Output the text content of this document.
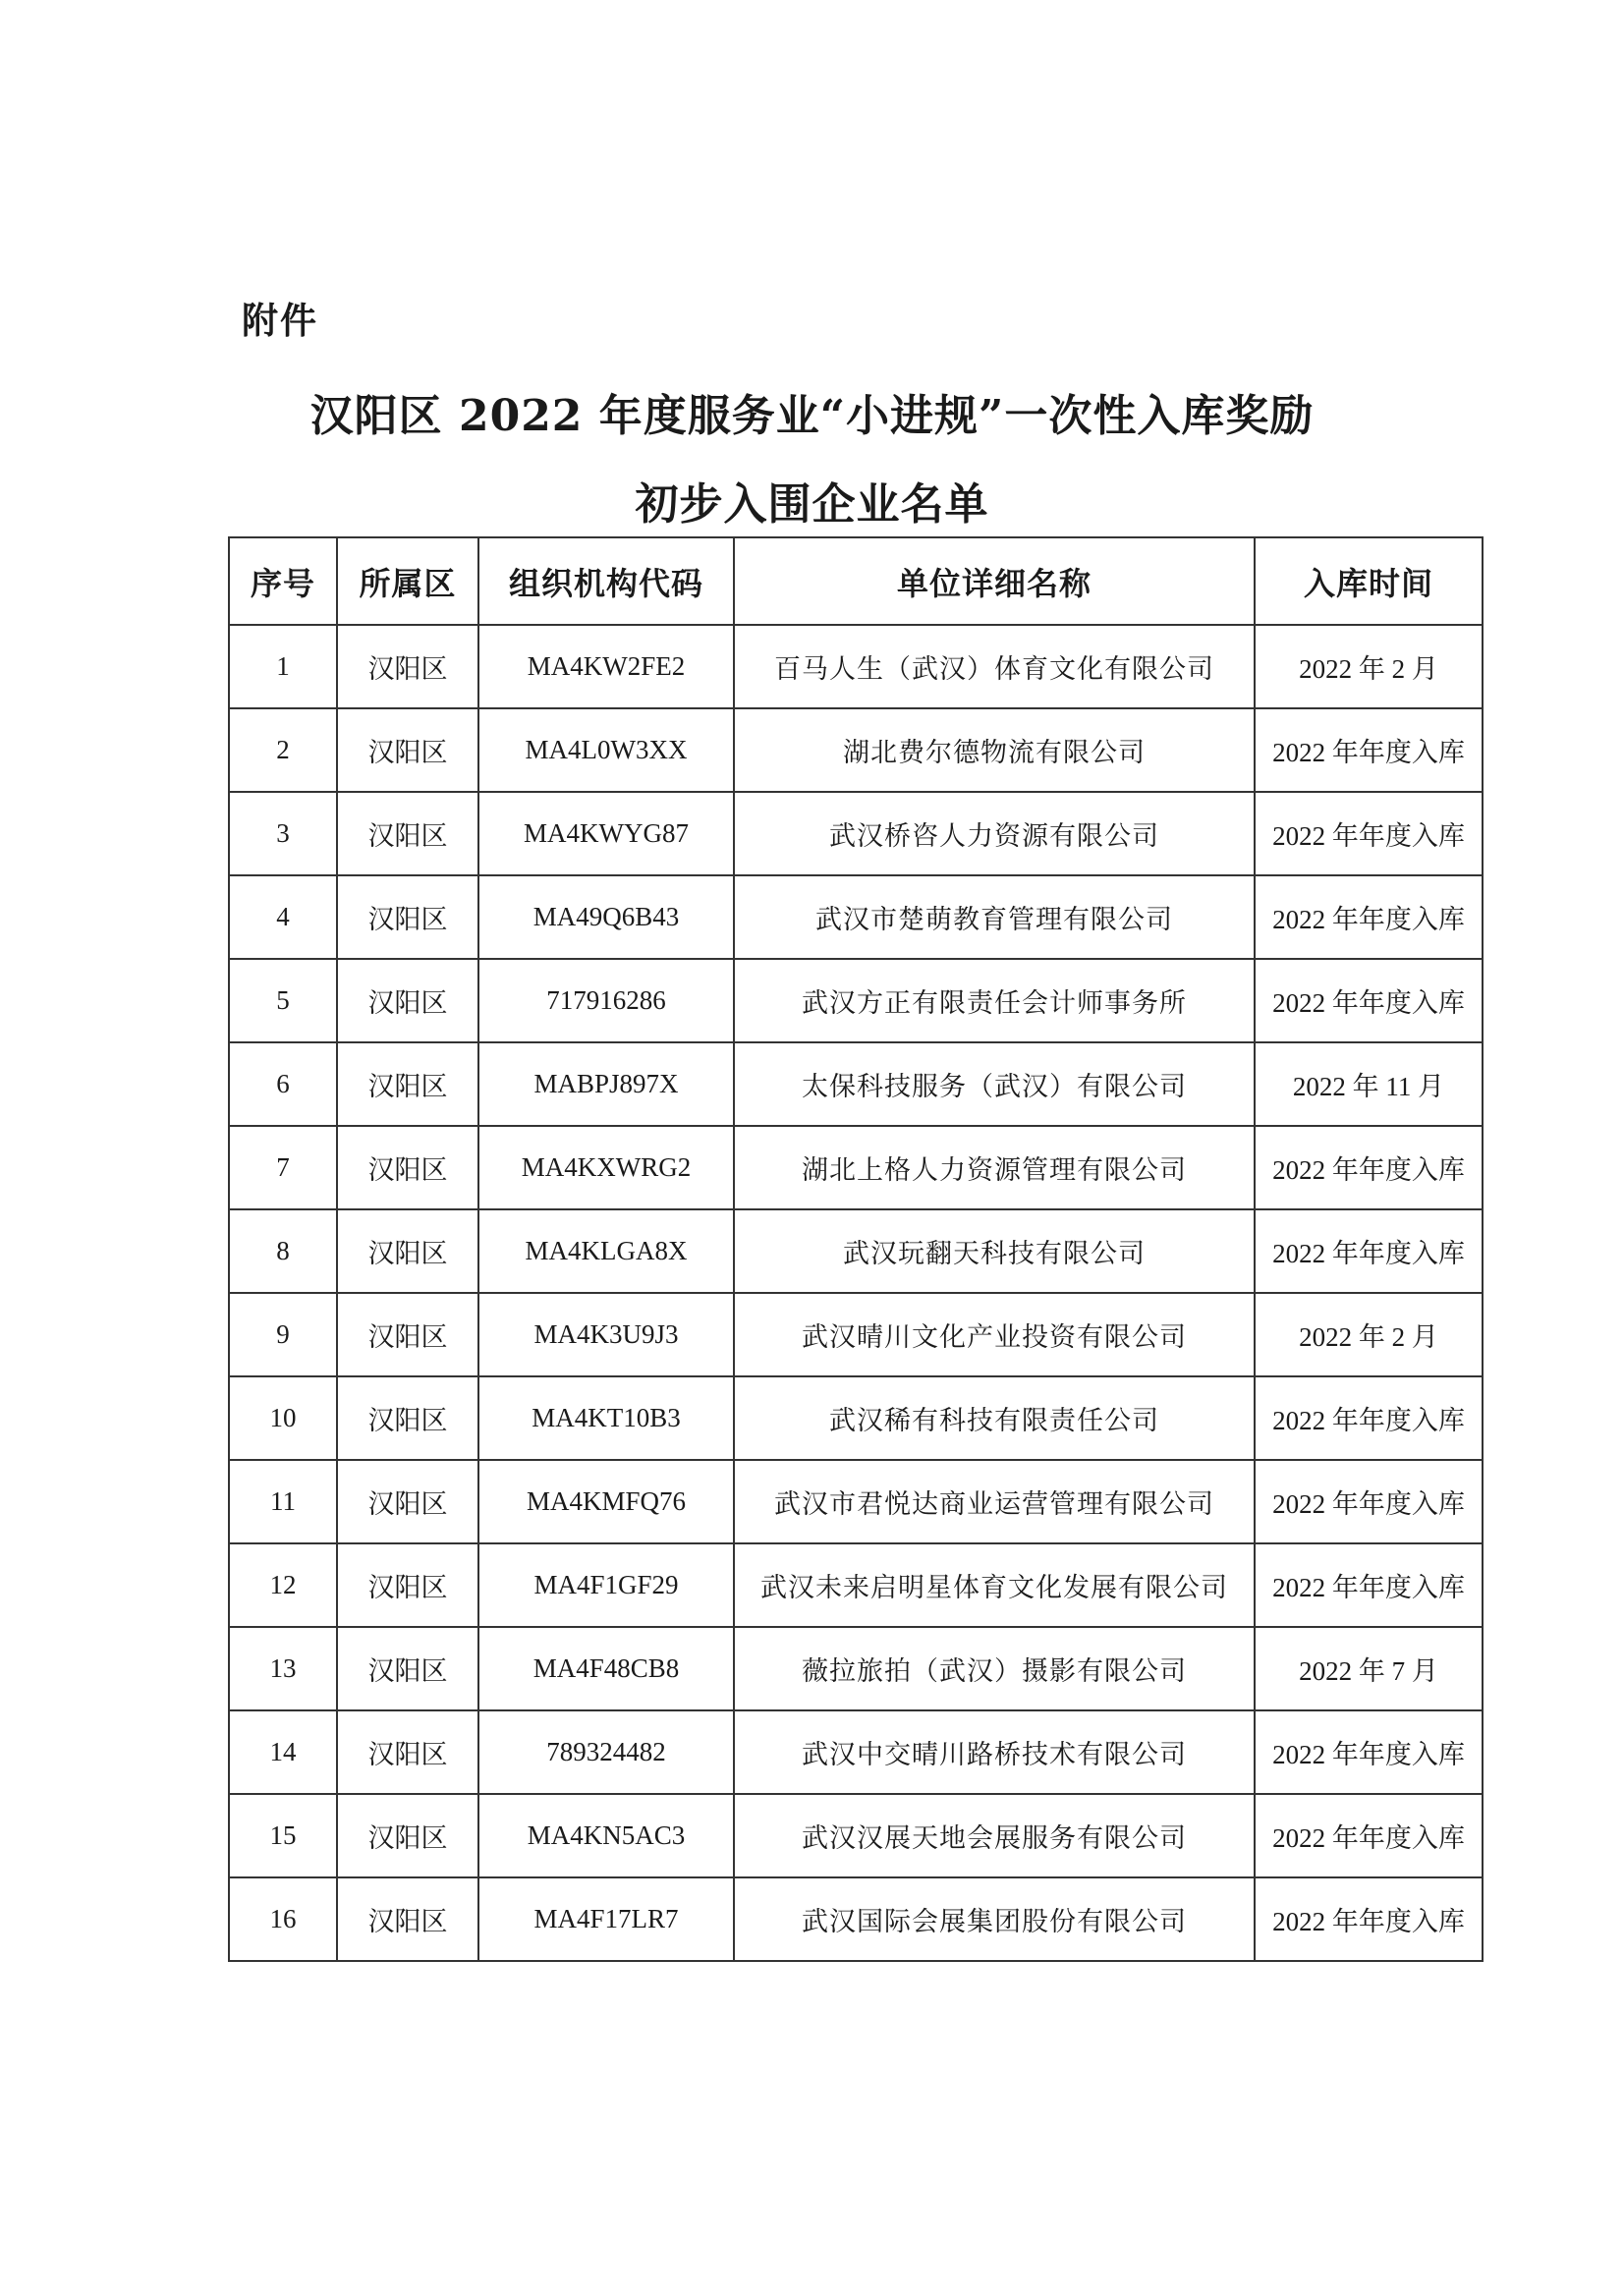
附件
汉阳区 2022 年度服务业“小进规”一次性入库奖励
初步入围企业名单
序号	所属区	组织机构代码	单位详细名称	入库时间
1	汉阳区	MA4KW2FE2	百马人生（武汉）体育文化有限公司	2022 年 2 月
2	汉阳区	MA4L0W3XX	湖北费尔德物流有限公司	2022 年年度入库
3	汉阳区	MA4KWYG87	武汉桥咨人力资源有限公司	2022 年年度入库
4	汉阳区	MA49Q6B43	武汉市楚萌教育管理有限公司	2022 年年度入库
5	汉阳区	717916286	武汉方正有限责任会计师事务所	2022 年年度入库
6	汉阳区	MABPJ897X	太保科技服务（武汉）有限公司	2022 年 11 月
7	汉阳区	MA4KXWRG2	湖北上格人力资源管理有限公司	2022 年年度入库
8	汉阳区	MA4KLGA8X	武汉玩翻天科技有限公司	2022 年年度入库
9	汉阳区	MA4K3U9J3	武汉晴川文化产业投资有限公司	2022 年 2 月
10	汉阳区	MA4KT10B3	武汉稀有科技有限责任公司	2022 年年度入库
11	汉阳区	MA4KMFQ76	武汉市君悦达商业运营管理有限公司	2022 年年度入库
12	汉阳区	MA4F1GF29	武汉未来启明星体育文化发展有限公司	2022 年年度入库
13	汉阳区	MA4F48CB8	薇拉旅拍（武汉）摄影有限公司	2022 年 7 月
14	汉阳区	789324482	武汉中交晴川路桥技术有限公司	2022 年年度入库
15	汉阳区	MA4KN5AC3	武汉汉展天地会展服务有限公司	2022 年年度入库
16	汉阳区	MA4F17LR7	武汉国际会展集团股份有限公司	2022 年年度入库
